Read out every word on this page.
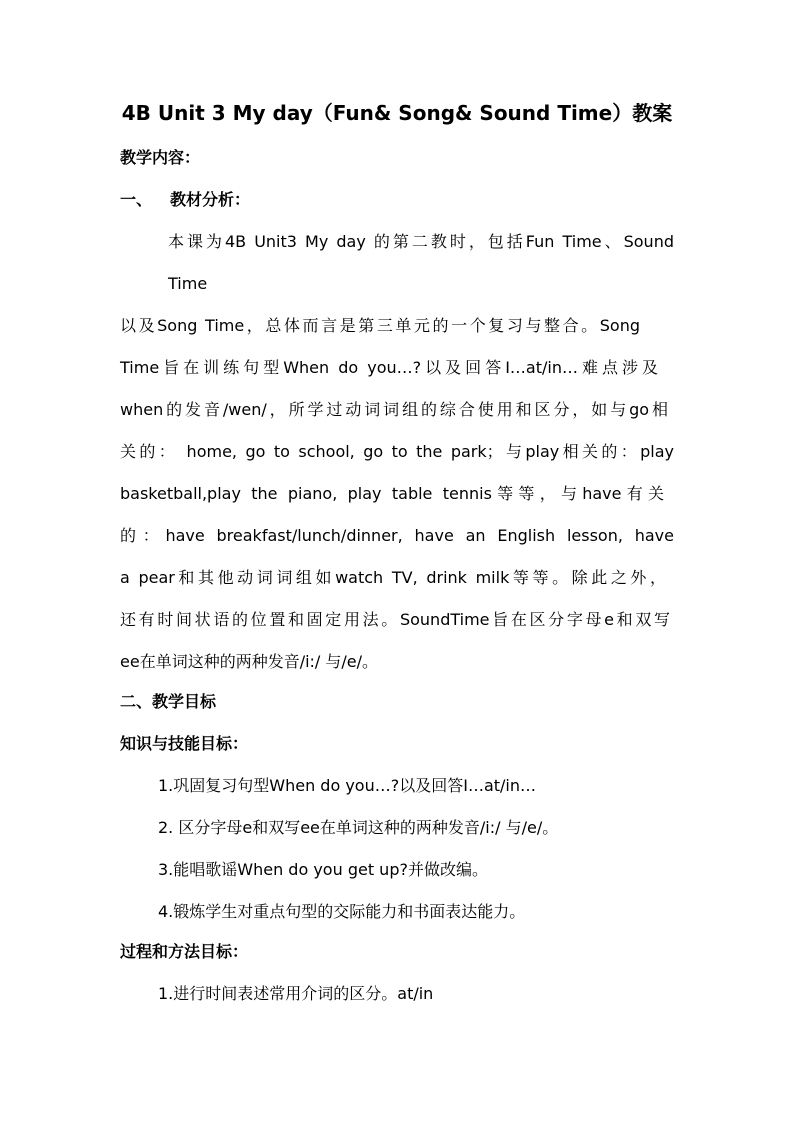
4B Unit 3 My day（Fun& Song& Sound Time）教案
教学内容：
一、 教材分析：
本课为4B Unit3 My day 的第二教时，包括Fun Time、Sound
Time
以及Song Time，总体而言是第三单元的一个复习与整合。Song
Time旨在训练句型When do you…?以及回答I…at/in…难点涉及
when的发音/wen/，所学过动词词组的综合使用和区分，如与go相
关的： home, go to school, go to the park；与play相关的：play
basketball,play the piano, play table tennis等等，与have有关
的：have breakfast/lunch/dinner, have an English lesson, have
a pear和其他动词词组如watch TV, drink milk等等。除此之外，
还有时间状语的位置和固定用法。SoundTime旨在区分字母e和双写
ee在单词这种的两种发音/i:/ 与/e/。
二、教学目标
知识与技能目标：
1.巩固复习句型When do you…?以及回答I…at/in…
2. 区分字母e和双写ee在单词这种的两种发音/i:/ 与/e/。
3.能唱歌谣When do you get up?并做改编。
4.锻炼学生对重点句型的交际能力和书面表达能力。
过程和方法目标：
1.进行时间表述常用介词的区分。at/in
